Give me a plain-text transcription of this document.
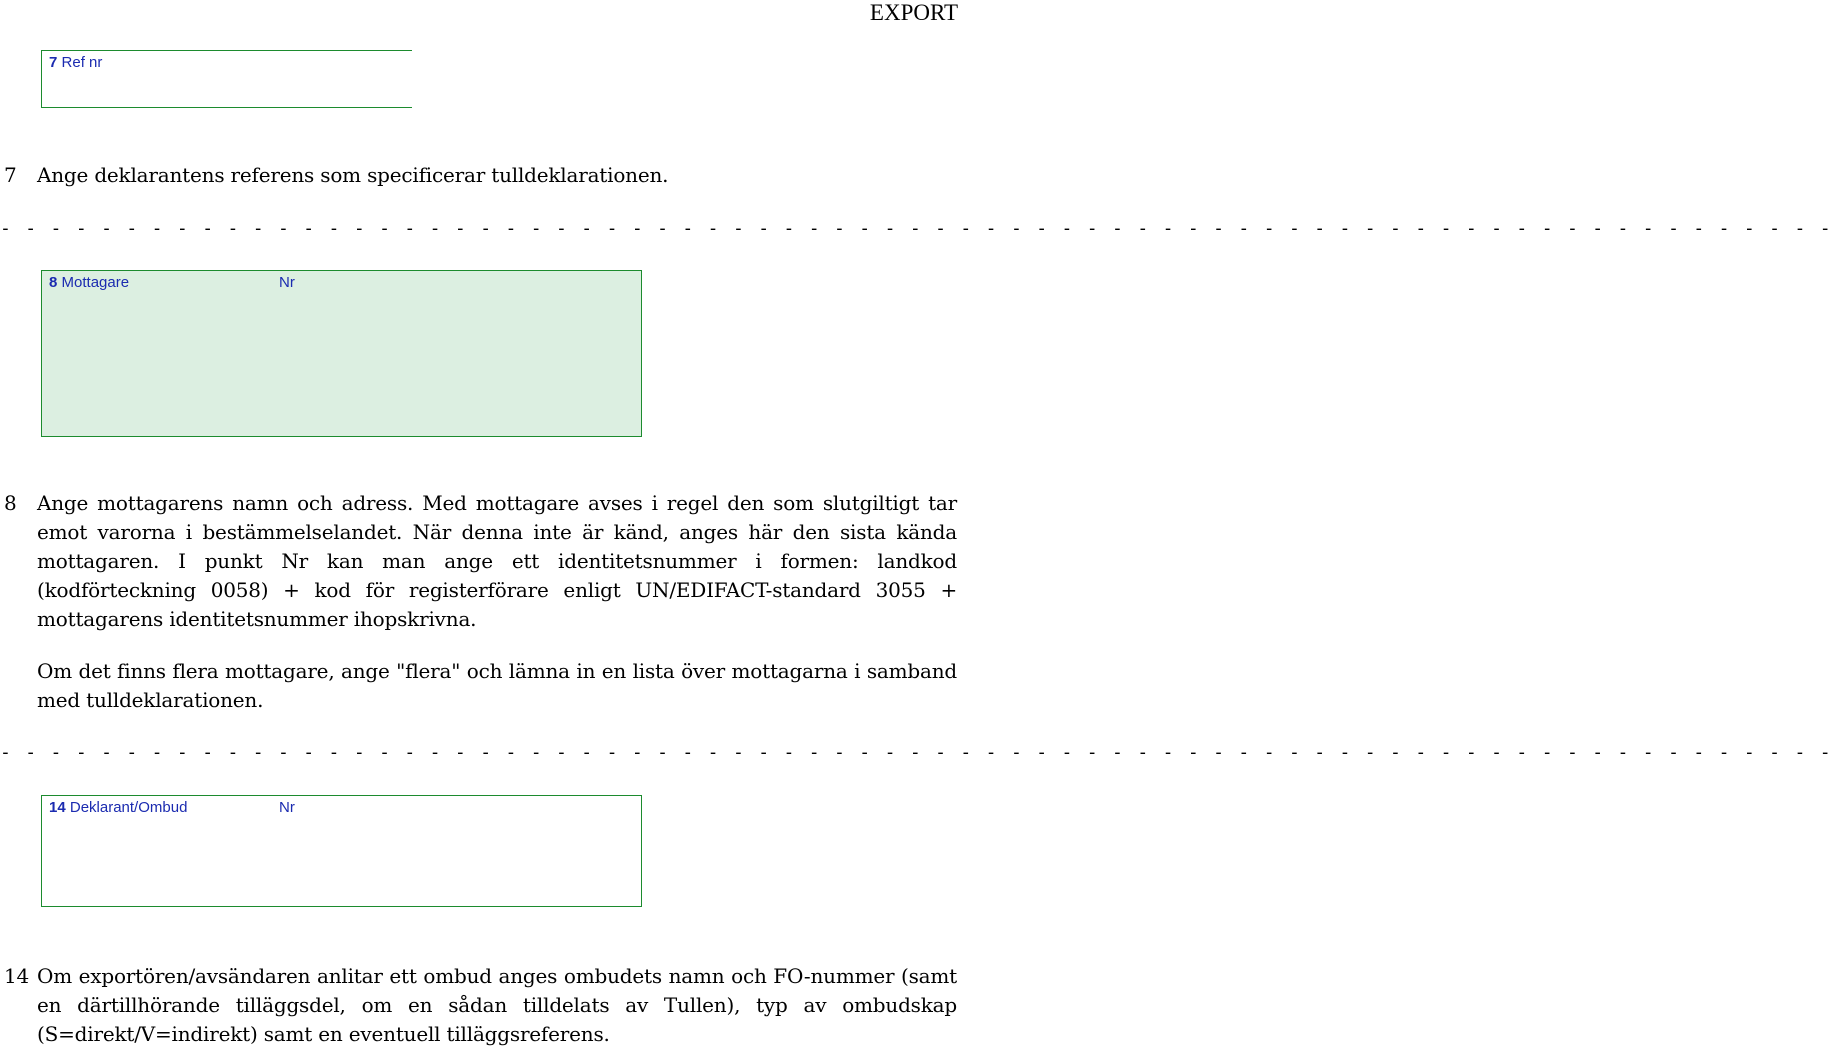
EXPORT
7 Ref nr
7 Ange deklarantens referens som specificerar tulldeklarationen.
- - - - - - - - - - - - - - - - - - - - - - - - - - - - - - - - - - - - - - - - - - - - - - - - - - - - - - - - - - - - - - - - - - - - - - - - -
8 Mottagare	Nr
8 Ange mottagarens namn och adress. Med mottagare avses i regel den som slutgiltigt tar emot varorna i bestämmelselandet. När denna inte är känd, anges här den sista kända mottagaren. I punkt Nr kan man ange ett identitetsnummer i formen: landkod (kodförteckning 0058) + kod för registerförare enligt UN/EDIFACT-standard 3055 + mottagarens identitetsnummer ihopskrivna.
Om det finns flera mottagare, ange "flera" och lämna in en lista över mottagarna i samband med tulldeklarationen.
- - - - - - - - - - - - - - - - - - - - - - - - - - - - - - - - - - - - - - - - - - - - - - - - - - - - - - - - - - - - - - - - - - - - - - - - -
14 Deklarant/Ombud	Nr
14 Om exportören/avsändaren anlitar ett ombud anges ombudets namn och FO-nummer (samt en därtillhörande tilläggsdel, om en sådan tilldelats av Tullen), typ av ombudskap (S=direkt/V=indirekt) samt en eventuell tilläggsreferens.
